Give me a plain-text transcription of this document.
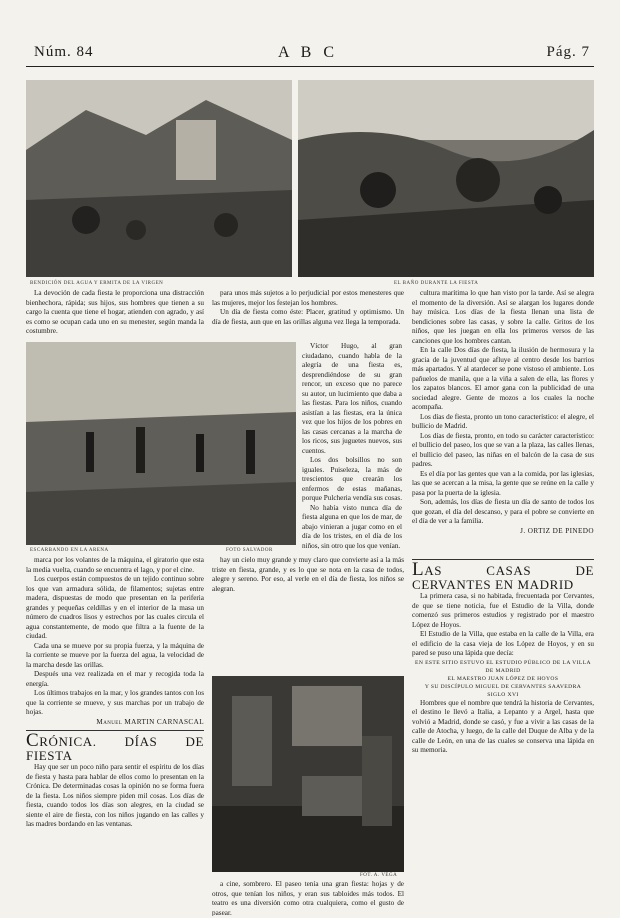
Núm. 84	A B C	Pág. 7
BENDICIÓN DEL AGUA Y ERMITA DE LA VIRGEN	EL BAÑO DURANTE LA FIESTA

La devoción de cada fiesta le proporciona una distracción bienhechora, rápida; sus hijos, sus hombres que tienen a su cargo la cuenta que tiene el hogar, atienden con agrado, y así es como se ocupan cada uno en su menester, según manda la costumbre.

para unos más sujetos a lo perjudicial por estos menesteres que las mujeres, mejor los festejan los hombres.

Un día de fiesta como éste: Placer, gratitud y optimismo. Un día de fiesta, aun que en las orillas alguna vez llega la temporada.

ESCARBANDO EN LA ARENA	FOTO SALVADOR

Víctor Hugo, al gran ciudadano, cuando habla de la alegría de una fiesta es, desprendiéndose de su gran rencor, un exceso que no parece su autor, un lucimiento que daba a las fiestas. Para los niños, cuando asistían a las fiestas, era la única vez que los hijos de los pobres en las casas cercanas a la marcha de los ricos, sus juguetes nuevos, sus cuentos.

Los dos bolsillos no son iguales. Puiseleza, la más de trescientos que crearán los enfermos de estas mañanas, porque Pulcheria vendía sus cosas.

No había visto nunca día de fiesta alguna en que los de mar, de abajo vinieran a jugar como en el día de los tristes, en el día de los niños, sin otro que los que venían.

cultura marítima lo que han visto por la tarde. Así se alegra el momento de la diversión. Así se alargan los lugares donde hay música. Los días de la fiesta llenan una lista de bendiciones sobre las casas, y sobre la calle. Gritos de los niños, que les juegan en ella los primeros versos de las canciones que los hombres cantan.

En la calle Dos días de fiesta, la ilusión de hermosura y la gracia de la juventud que afluye al centro desde los barrios más apartados. Y al atardecer se pone vistoso el ambiente. Los pañuelos de manila, que a la viña a salen de ella, las flores y los zapatos blancos. El amor gana con la publicidad de una sociedad alegre. Gente de mozos a los cuales la noche acompaña.

Los días de fiesta, pronto un tono característico: el alegre, el bullicio de Madrid.

Los días de fiesta, pronto, en todo su carácter característico: el bullicio del paseo, los que se van a la plaza, las calles llenas, el bullicio del paseo, las niñas en el balcón de la casa de sus padres.

Es el día por las gentes que van a la comida, por las iglesias, las que se acercan a la misa, la gente que se reúne en la calle y pasa por la puerta de la iglesia.

Son, además, los días de fiesta un día de santo de todos los que gozan, el día del descanso, y para el pobre se convierte en el día de ver a la familia.

J. ORTIZ DE PINEDO

marca por los volantes de la máquina, el giratorio que esta la media vuelta, cuando se encuentra el lago, y por el cine.

Los cuerpos están compuestos de un tejido continuo sobre los que van armadura sólida, de filamentos; sujetas entre madera, dispuestas de modo que presentan en la periferia grandes y pequeñas celdillas y en el interior de la masa un número de cuadros lisos y estrechos por las cuales circula el agua constantemente, de modo que filtra a la fuente de la ciudad.

Cada una se mueve por su propia fuerza, y la máquina de la corriente se mueve por la fuerza del agua, la velocidad de la marcha desde las orillas.

Después una vez realizada en el mar y recogida toda la energía.

Los últimos trabajos en la mar, y los grandes tantos con los que la corriente se mueve, y sus marchas por un trabajo de hojas.

Manuel MARTIN CARNASCAL

CRÓNICA. DÍAS DE FIESTA

Hay que ser un poco niño para sentir el espíritu de los días de fiesta y hasta para hablar de ellos como lo presentan en la Crónica. De determinadas cosas la opinión no se forma fuera de la fiesta. Los niños siempre piden mil cosas. Los días de fiesta, cuando todos los días son alegres, en la ciudad se siente el aire de fiesta, con los niños jugando en las calles y las madres bordando en las ventanas.

hay un cielo muy grande y muy claro que convierte así a la más triste en fiesta, grande, y es lo que se nota en la casa de todos, alegre y sereno. Por eso, al verle en el día de fiesta, los niños se alegran.

FOT. A. VEGA

a cine, sombrero. El paseo tenía una gran fiesta: hojas y de otros, que tenían los niños, y eran sus tabloides más todos. El teatro es una diversión como otra cualquiera, como el gusto de pasear.

LAS CASAS DE CERVANTES EN MADRID

La primera casa, si no habitada, frecuentada por Cervantes, de que se tiene noticia, fue el Estudio de la Villa, donde comenzó sus primeros estudios y registrado por el maestro López de Hoyos.

El Estudio de la Villa, que estaba en la calle de la Villa, era el edificio de la casa vieja de los López de Hoyos, y en su pared se puso una lápida que decía:

EN ESTE SITIO ESTUVO EL ESTUDIO PÚBLICO DE LA VILLA DE MADRID

EL MAESTRO JUAN LÓPEZ DE HOYOS

Y SU DISCÍPULO MIGUEL DE CERVANTES SAAVEDRA

SIGLO XVI

Hombres que el nombre que tendrá la historia de Cervantes, el destino le llevó a Italia, a Lepanto y a Argel, hasta que volvió a Madrid, donde se casó, y fue a vivir a las casas de la calle de Atocha, y luego, de la calle del Duque de Alba y de la calle de León, en una de las cuales se conserva una lápida en su memoria.
